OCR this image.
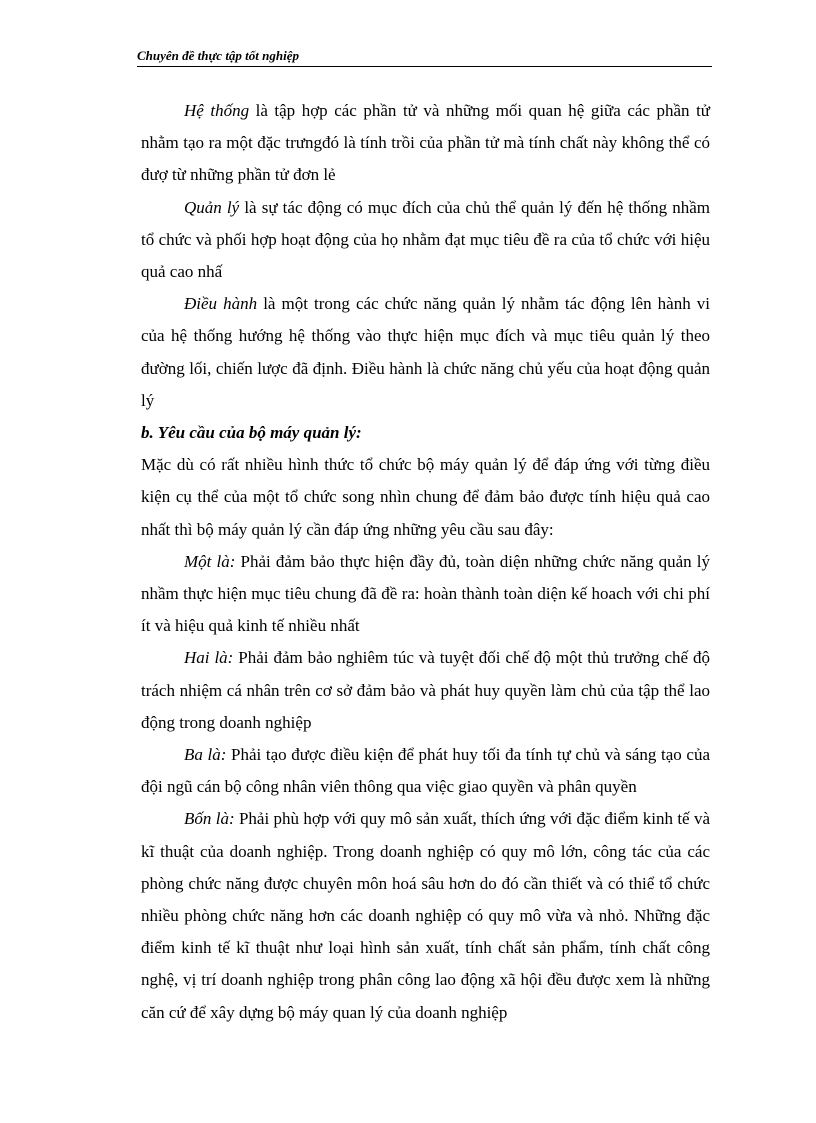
Chuyên đề thực tập tốt nghiệp

Hệ thống là tập hợp các phần tử và những mối quan hệ giữa các phần tử nhằm tạo ra một đặc trưngđó là tính trồi của phần tử mà tính chất này không thể có đượ từ những phần tử đơn lẻ

Quản lý là sự tác động có mục đích của chủ thể quản lý đến hệ thống nhầm tổ chức và phối hợp hoạt động của họ nhằm đạt mục tiêu đề ra của tổ chức với hiệu quả cao nhấ

Điều hành là một trong các chức năng quản lý nhằm tác động lên hành vi của hệ thống hướng hệ thống vào thực hiện mục đích và mục tiêu quản lý theo đường lối, chiến lược đã định. Điều hành là chức năng chủ yếu của hoạt động quản lý

b. Yêu cầu của bộ máy quản lý:

Mặc dù có rất nhiều hình thức tổ chức bộ máy quản lý để đáp ứng với từng điều kiện cụ thể của một tổ chức song nhìn chung để đảm bảo được tính hiệu quả cao nhất thì bộ máy quản lý cần đáp ứng những yêu cầu sau đây:

Một là: Phải đảm bảo thực hiện đầy đủ, toàn diện những chức năng quản lý nhầm thực hiện mục tiêu chung đã đề ra: hoàn thành toàn diện kế hoach với chi phí ít và hiệu quả kinh tế nhiều nhất

Hai là: Phải đảm bảo nghiêm túc và tuyệt đối chế độ một thủ trưởng chế độ trách nhiệm cá nhân trên cơ sở đảm bảo và phát huy quyền làm chủ của tập thể lao động trong doanh nghiệp

Ba là: Phải tạo được điều kiện để phát huy tối đa tính tự chủ và sáng tạo của đội ngũ cán bộ công nhân viên thông qua việc giao quyền và phân quyền

Bốn là: Phải phù hợp với quy mô sản xuất, thích ứng với đặc điểm kinh tế và kĩ thuật của doanh nghiệp. Trong doanh nghiệp có quy mô lớn, công tác của các phòng chức năng được chuyên môn hoá sâu hơn do đó cần thiết và có thiể tổ chức nhiều phòng chức năng hơn các doanh nghiệp có quy mô vừa và nhỏ. Những đặc điểm kinh tế kĩ thuật như loại hình sản xuất, tính chất sản phẩm, tính chất công nghệ, vị trí doanh nghiệp trong phân công lao động xã hội đều được xem là những căn cứ để xây dựng bộ máy quan lý của doanh nghiệp
